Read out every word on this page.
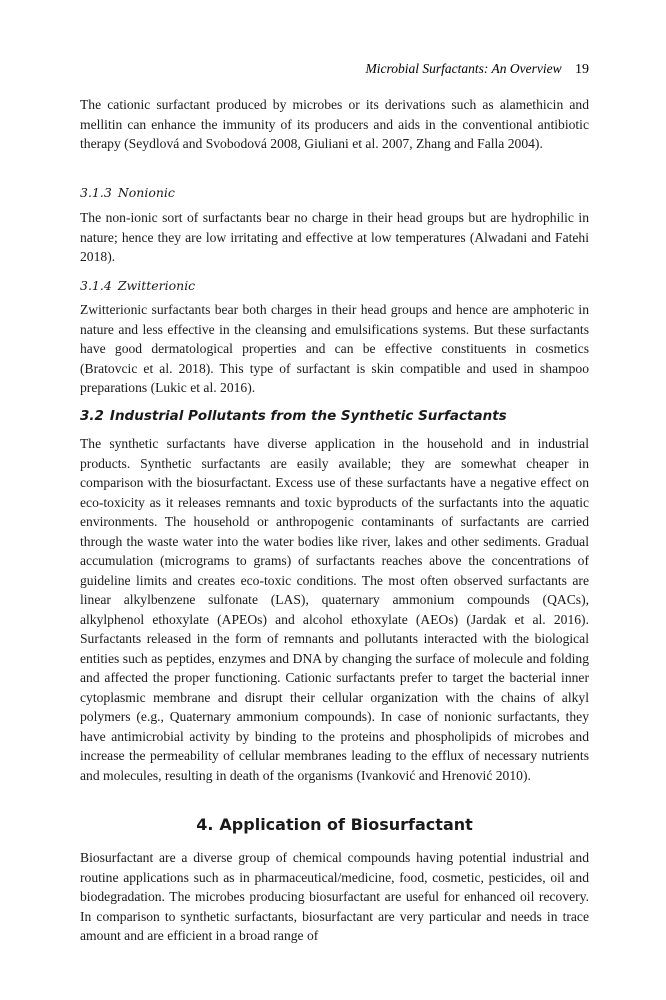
Microbial Surfactants: An Overview 19

The cationic surfactant produced by microbes or its derivations such as alamethicin and mellitin can enhance the immunity of its producers and aids in the conventional antibiotic therapy (Seydlová and Svobodová 2008, Giuliani et al. 2007, Zhang and Falla 2004).

3.1.3 Nonionic

The non-ionic sort of surfactants bear no charge in their head groups but are hydrophilic in nature; hence they are low irritating and effective at low temperatures (Alwadani and Fatehi 2018).

3.1.4 Zwitterionic

Zwitterionic surfactants bear both charges in their head groups and hence are amphoteric in nature and less effective in the cleansing and emulsifications systems. But these surfactants have good dermatological properties and can be effective constituents in cosmetics (Bratovcic et al. 2018). This type of surfactant is skin compatible and used in shampoo preparations (Lukic et al. 2016).

3.2 Industrial Pollutants from the Synthetic Surfactants

The synthetic surfactants have diverse application in the household and in industrial products. Synthetic surfactants are easily available; they are somewhat cheaper in comparison with the biosurfactant. Excess use of these surfactants have a negative effect on eco-toxicity as it releases remnants and toxic byproducts of the surfactants into the aquatic environments. The household or anthropogenic contaminants of surfactants are carried through the waste water into the water bodies like river, lakes and other sediments. Gradual accumulation (micrograms to grams) of surfactants reaches above the concentrations of guideline limits and creates eco-toxic conditions. The most often observed surfactants are linear alkylbenzene sulfonate (LAS), quaternary ammonium compounds (QACs), alkylphenol ethoxylate (APEOs) and alcohol ethoxylate (AEOs) (Jardak et al. 2016). Surfactants released in the form of remnants and pollutants interacted with the biological entities such as peptides, enzymes and DNA by changing the surface of molecule and folding and affected the proper functioning. Cationic surfactants prefer to target the bacterial inner cytoplasmic membrane and disrupt their cellular organization with the chains of alkyl polymers (e.g., Quaternary ammonium compounds). In case of nonionic surfactants, they have antimicrobial activity by binding to the proteins and phospholipids of microbes and increase the permeability of cellular membranes leading to the efflux of necessary nutrients and molecules, resulting in death of the organisms (Ivanković and Hrenović 2010).

4. Application of Biosurfactant

Biosurfactant are a diverse group of chemical compounds having potential industrial and routine applications such as in pharmaceutical/medicine, food, cosmetic, pesticides, oil and biodegradation. The microbes producing biosurfactant are useful for enhanced oil recovery. In comparison to synthetic surfactants, biosurfactant are very particular and needs in trace amount and are efficient in a broad range of
